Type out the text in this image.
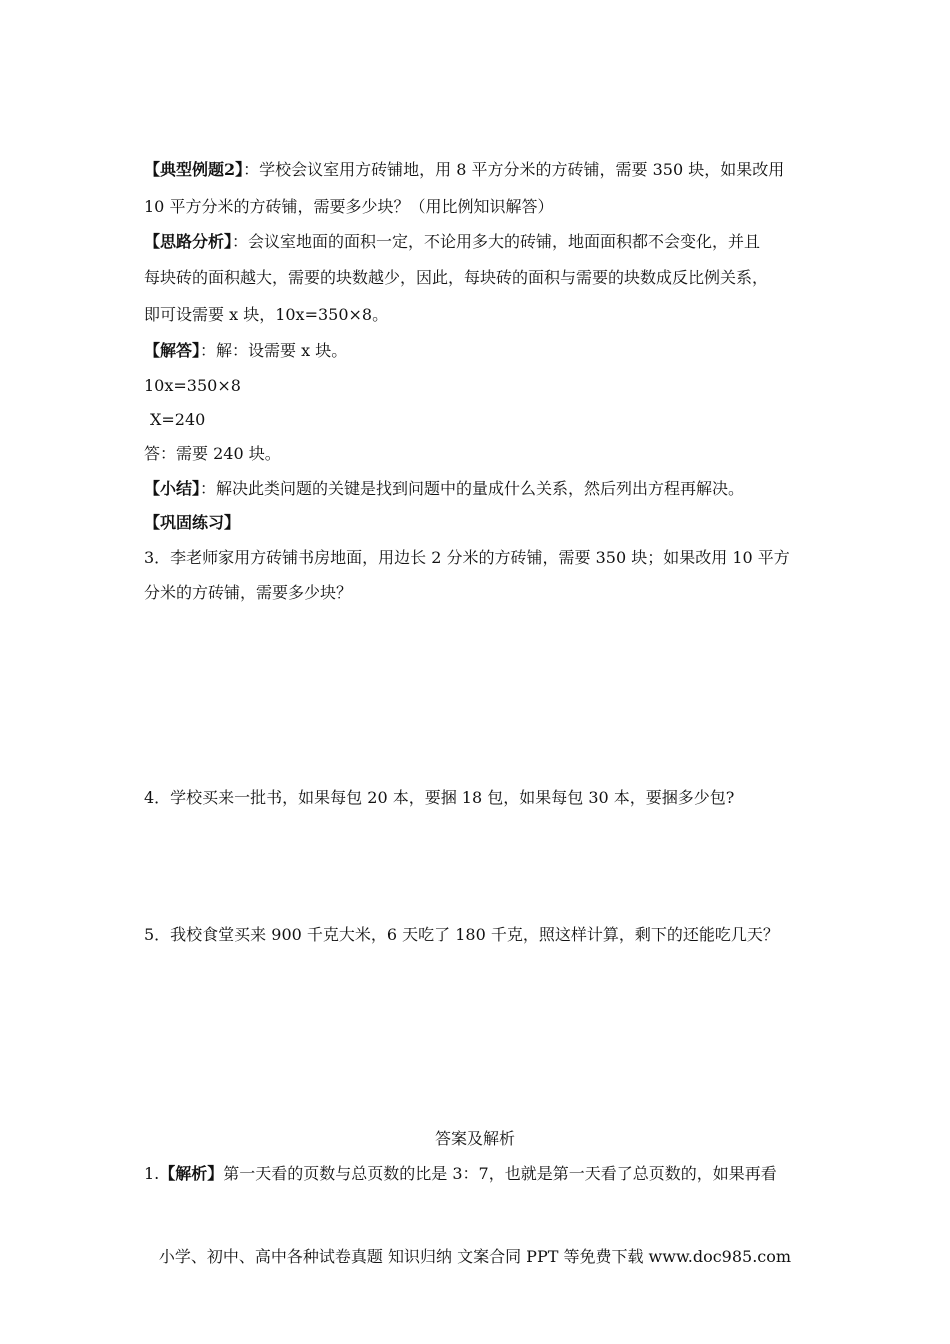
【典型例题2】：学校会议室用方砖铺地，用 8 平方分米的方砖铺，需要 350 块，如果改用
10 平方分米的方砖铺，需要多少块？（用比例知识解答）
【思路分析】：会议室地面的面积一定，不论用多大的砖铺，地面面积都不会变化，并且
每块砖的面积越大，需要的块数越少，因此，每块砖的面积与需要的块数成反比例关系，
即可设需要 x 块，10x=350×8。
【解答】：解：设需要 x 块。
10x=350×8
X=240
答：需要 240 块。
【小结】：解决此类问题的关键是找到问题中的量成什么关系，然后列出方程再解决。
【巩固练习】
3．李老师家用方砖铺书房地面，用边长 2 分米的方砖铺，需要 350 块；如果改用 10 平方
分米的方砖铺，需要多少块？
4．学校买来一批书，如果每包 20 本，要捆 18 包，如果每包 30 本，要捆多少包?
5．我校食堂买来 900 千克大米，6 天吃了 180 千克，照这样计算，剩下的还能吃几天？
答案及解析
1.【解析】第一天看的页数与总页数的比是 3：7，也就是第一天看了总页数的，如果再看
小学、初中、高中各种试卷真题 知识归纳 文案合同 PPT 等免费下载 www.doc985.com
